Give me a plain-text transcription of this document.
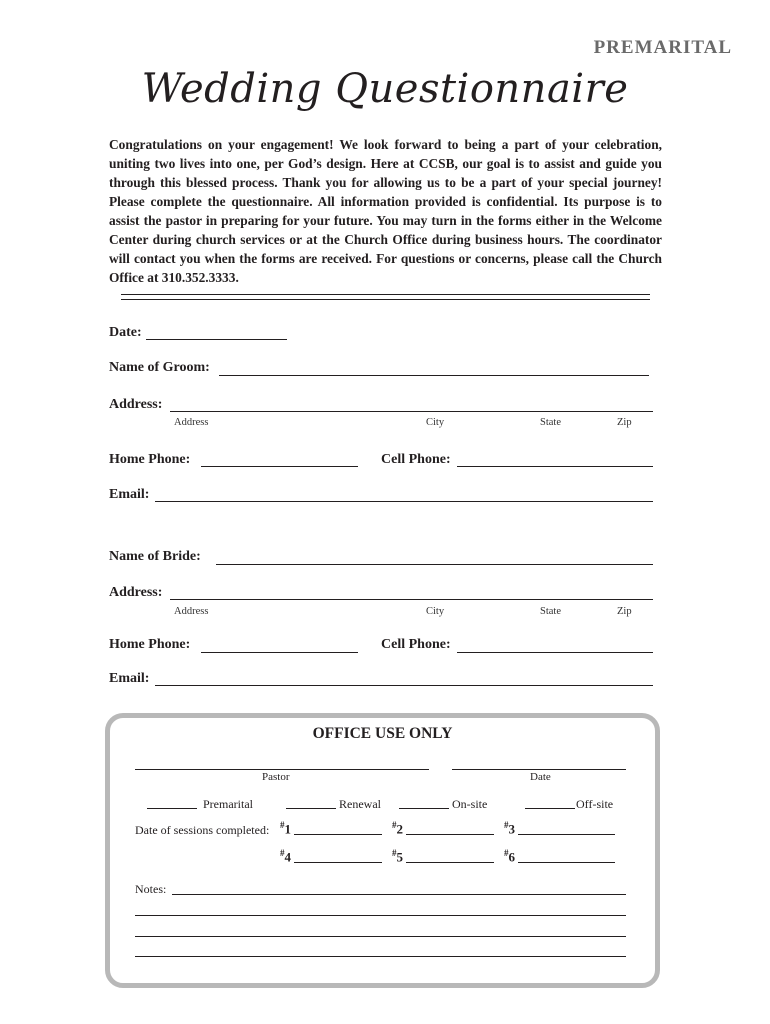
PREMARITAL
Wedding Questionnaire
Congratulations on your engagement! We look forward to being a part of your celebration, uniting two lives into one, per God’s design. Here at CCSB, our goal is to assist and guide you through this blessed process. Thank you for allowing us to be a part of your special journey! Please complete the questionnaire. All information provided is confidential. Its purpose is to assist the pastor in preparing for your future. You may turn in the forms either in the Welcome Center during church services or at the Church Office during business hours. The coordinator will contact you when the forms are received. For questions or concerns, please call the Church Office at 310.352.3333.
Date:
Name of Groom:
Address:
Address	City	State	Zip
Home Phone:	Cell Phone:
Email:
Name of Bride:
Address:
Address	City	State	Zip
Home Phone:	Cell Phone:
Email:
OFFICE USE ONLY
Pastor	Date
Premarital	Renewal	On-site	Off-site
Date of sessions completed: #1	#2	#3
#4	#5	#6
Notes:
